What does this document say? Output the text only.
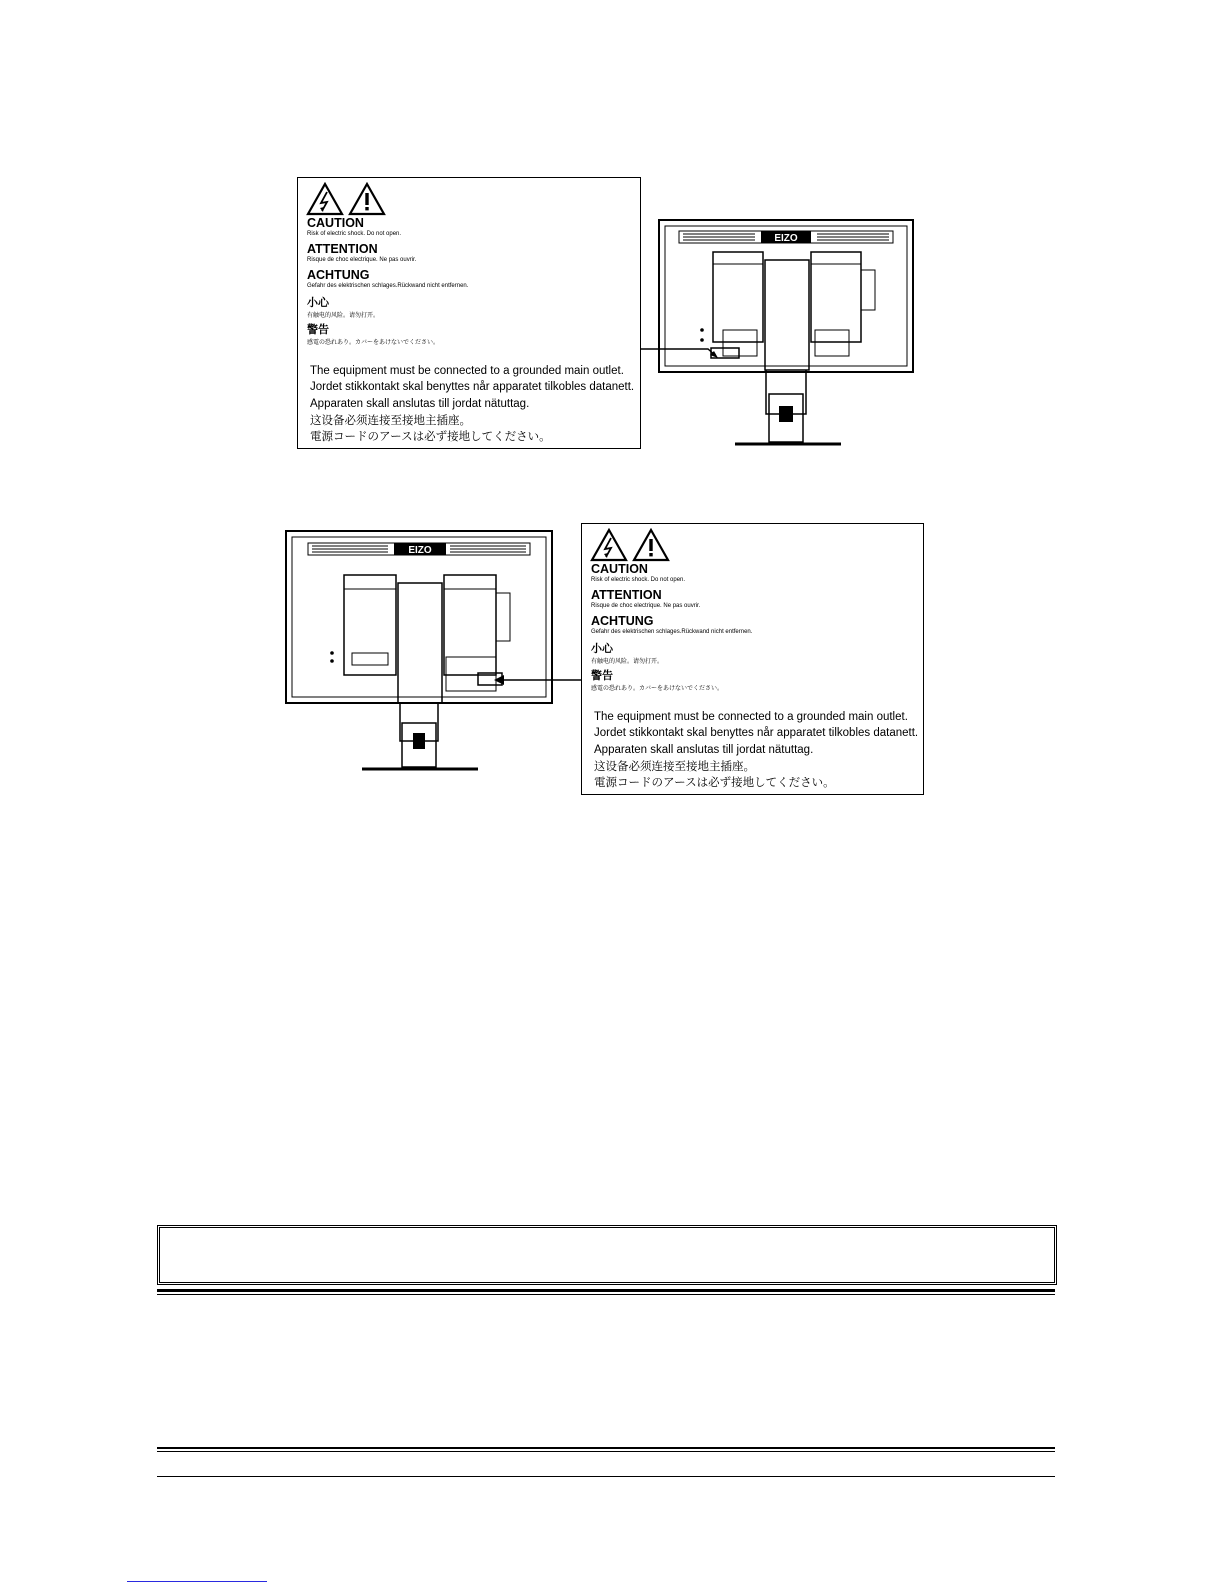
CAUTION
Risk of electric shock. Do not open.
ATTENTION
Risque de choc electrique. Ne pas ouvrir.
ACHTUNG
Gefahr des elektrischen schlages.Rückwand nicht entfernen.
小心
有触电的风险。请勿打开。
警告
感電の恐れあり。カバーをあけないでください。
The equipment must be connected to a grounded main outlet.
Jordet stikkontakt skal benyttes når apparatet tilkobles datanett.
Apparaten skall anslutas till jordat nätuttag.
这设备必须连接至接地主插座。
電源コードのアースは必ず接地してください。
EIZO
EIZO
CAUTION
Risk of electric shock. Do not open.
ATTENTION
Risque de choc electrique. Ne pas ouvrir.
ACHTUNG
Gefahr des elektrischen schlages.Rückwand nicht entfernen.
小心
有触电的风险。请勿打开。
警告
感電の恐れあり。カバーをあけないでください。
The equipment must be connected to a grounded main outlet.
Jordet stikkontakt skal benyttes når apparatet tilkobles datanett.
Apparaten skall anslutas till jordat nätuttag.
这设备必须连接至接地主插座。
電源コードのアースは必ず接地してください。
